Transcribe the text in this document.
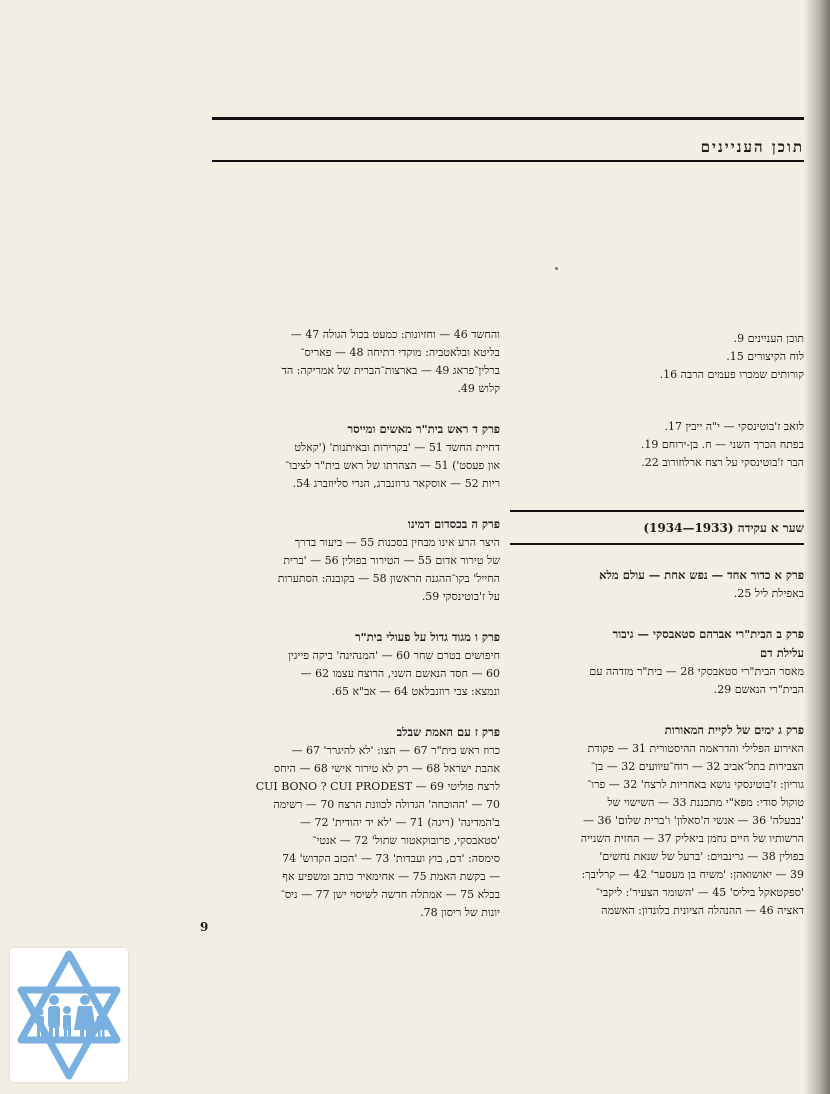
תוכן העניינים
תוכן העניינים 9.
לוח הקיצורים 15.
קורותים שמכרו פעמים הרבה 16.
לזאב ז'בוטינסקי — י"ה ייבין 17.
בפתח הכרך השני — ח. בן-ירוחם 19.
הבר ז'בוטינסקי על רצח ארלוזורוב 22.
שער א עקידה (1933—1934)
פרק א כדור אחד — נפש אחת — עולם מלא
באפילת ליל 25.
פרק ב הבית"רי אברהם סטאבסקי — גיבור
עלילת דם
מאסר הבית"רי סטאבסקי 28 — בית"ר מזדהה עם
הבית"רי הנאשם 29.
פרק ג ימים של לקיית המאורות
האירוע הפלילי והדראמה ההיסטורית 31 — פקודת
הצבירות בתל־אביב 32 — רוח־עיוועים 32 — בן־
גוריון: ז'בוטינסקי נושא באחריות לרצח' 32 — פרו־
טוקול סודי: מפא"י מתכננת 33 — השישוי של
'בבעלה' 36 — אנשי ה'סאלון' ו'ברית שלום' 36 —
הרשותיו של חיים נחמן ביאליק 37 — החזית השנייה
בפולין 38 — גרינבוים: 'ברעל של שנאת נחשים'
39 — יאושואהן: 'משיח בן מעסער' 42 — קרליבך:
'ספקטאקל ביליס' 45 — 'השומר הצעיר': ליקבי־
דאציה 46 — ההנהלה הציונית בלונדון: האשמה
והחשד 46 — וחזיונות: כמעט בכול הגולה 47 —
בליטא ובלאטביה: מוקדי רתיחה 48 — פאריס־
ברלין־פראג 49 — בארצות־הברית של אמריקה: הד
קלוש 49.
פרק ד ראש בית"ר מאשים ומייסר
דחיית החשד 51 — 'בקרירות ובאיתנות' ('קאלט
און פעסט') 51 — הצהרתו של ראש בית"ר לציבו־
ריות 52 — אוסקאר גרוזנברג, הנרי סליוזברג 54.
פרק ה בכסדום דמינו
היצר הרע אינו מבחין בסכנות 55 — ביעור בדרך
של טירור אדום 55 — הטירור בפולין 56 — 'ברית
החייל' בקו־ההגנה הראשון 58 — בקובנה: הסתערות
על ז'בוטינסקי 59.
פרק ו מגוד גדול על פעולי בית"ר
חיפושים בטרם שחר 60 — 'המנהיגה' ביקה פייגין
60 — חסד הנאשם השני, הרוצח עצמו 62 —
ונמצא: צבי רוזנבלאט 64 — אב"א 65.
פרק ז עם האמת שבלב
כרוז ראש בית"ר 67 — הצו: 'לא להיגרר' 67 —
אהבת ישראל 68 — רק לא טירור אישי 68 — היחס
לרצח פוליטי 69 — CUI BONO ? CUI PRODEST
70 — 'ההוכחה' הגדולה לכוונת הרצח 70 — רשימה
ב'המדינה' (ריגה) 71 — 'לא יד יהודית' 72 —
'סטאבסקי, פרובוקאטור שתול' 72 — אנטי־
סימסה: 'דם, בוץ ועבדות' 73 — 'הכזב הקדוש' 74
— בקשת האמת 75 — אחימאיר כותב ומשפיע אף
בכלא 75 — אמתלה חדשה לשיסוי ישן 77 — ניס־
יונות של ריסון 78.
9
